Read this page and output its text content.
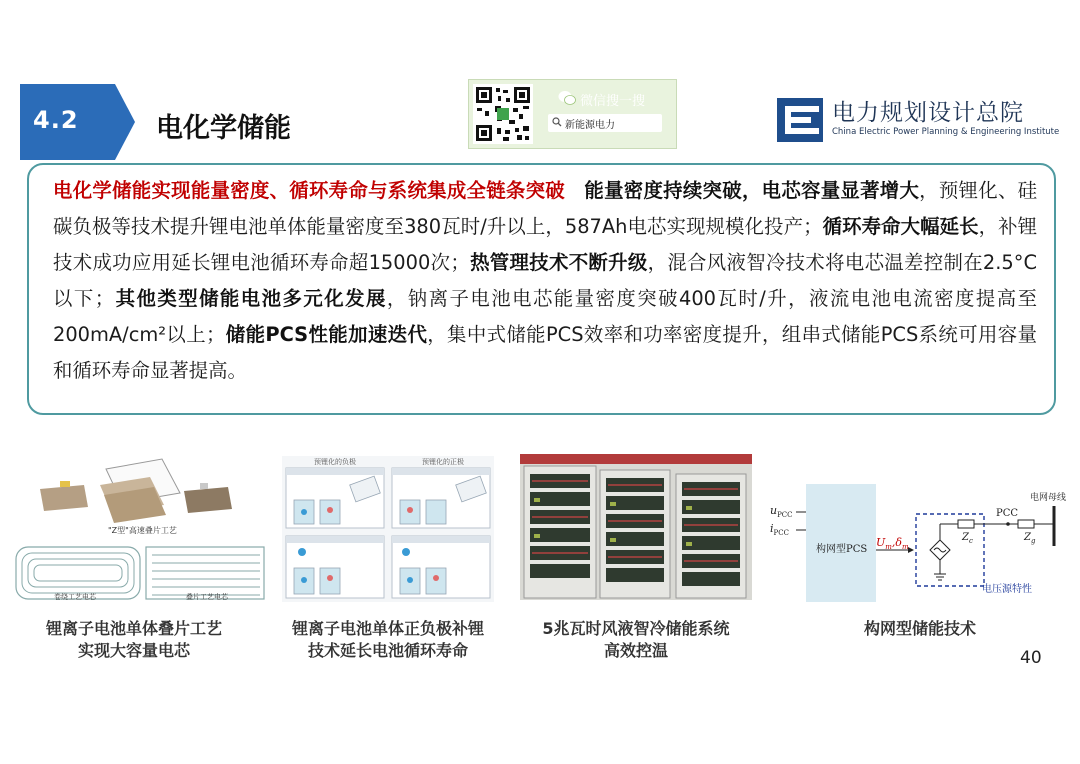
4.2	电化学储能
微信搜一搜
新能源电力	电力规划设计总院
China Electric Power Planning & Engineering Institute
电化学储能实现能量密度、循环寿命与系统集成全链条突破 能量密度持续突破，电芯容量显著增大，预锂化、硅碳负极等技术提升锂电池单体能量密度至380瓦时/升以上，587Ah电芯实现规模化投产；循环寿命大幅延长，补锂技术成功应用延长锂电池循环寿命超15000次；热管理技术不断升级，混合风液智冷技术将电芯温差控制在2.5°C以下；其他类型储能电池多元化发展，钠离子电池电芯能量密度突破400瓦时/升，液流电池电流密度提高至200mA/cm²以上；储能PCS性能加速迭代，集中式储能PCS效率和功率密度提升，组串式储能PCS系统可用容量和循环寿命显著提高。
"Z型"高速叠片工艺
卷绕工艺电芯	叠片工艺电芯
锂离子电池单体叠片工艺
实现大容量电芯
预锂化的负极	预锂化的正极
锂离子电池单体正负极补锂
技术延长电池循环寿命
5兆瓦时风液智冷储能系统
高效控温
$u_{PCC}$
$i_{PCC}$
构网型PCS
$U_m,\delta_m$
$Z_c$
PCC
$Z_g$
电网母线
电压源特性
构网型储能技术
40
